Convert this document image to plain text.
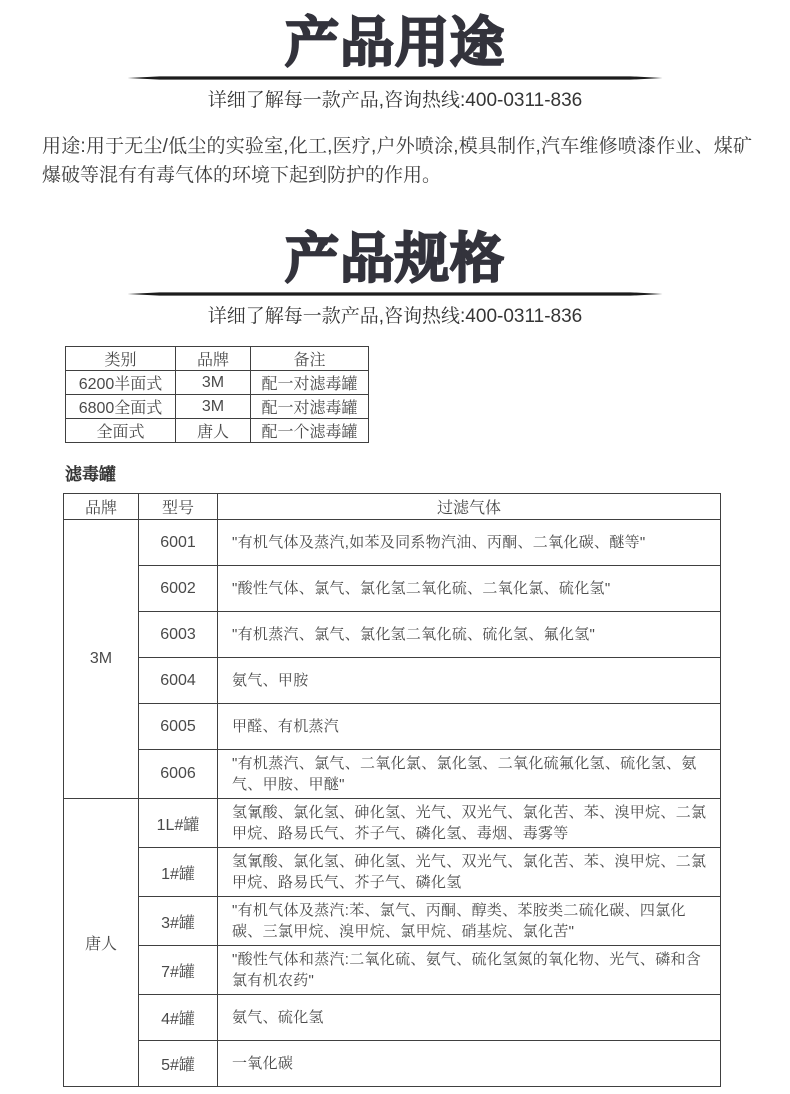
产品用途

详细了解每一款产品,咨询热线:400-0311-836

用途:用于无尘/低尘的实验室,化工,医疗,户外喷涂,模具制作,汽车维修喷漆作业、煤矿爆破等混有有毒气体的环境下起到防护的作用。

产品规格

详细了解每一款产品,咨询热线:400-0311-836

类别	品牌	备注
6200半面式	3M	配一对滤毒罐
6800全面式	3M	配一对滤毒罐
全面式	唐人	配一个滤毒罐
滤毒罐
品牌	型号	过滤气体
3M	6001	"有机气体及蒸汽,如苯及同系物汽油、丙酮、二氧化碳、醚等"
	6002	"酸性气体、氯气、氯化氢二氧化硫、二氧化氯、硫化氢"
	6003	"有机蒸汽、氯气、氯化氢二氧化硫、硫化氢、氟化氢"
	6004	氨气、甲胺
	6005	甲醛、有机蒸汽
	6006	"有机蒸汽、氯气、二氧化氯、氯化氢、二氧化硫氟化氢、硫化氢、氨气、甲胺、甲醚"
唐人	1L#罐	氢氰酸、氯化氢、砷化氢、光气、双光气、氯化苦、苯、溴甲烷、二氯甲烷、路易氏气、芥子气、磷化氢、毒烟、毒雾等
	1#罐	氢氰酸、氯化氢、砷化氢、光气、双光气、氯化苦、苯、溴甲烷、二氯甲烷、路易氏气、芥子气、磷化氢
	3#罐	"有机气体及蒸汽:苯、氯气、丙酮、醇类、苯胺类二硫化碳、四氯化碳、三氯甲烷、溴甲烷、氯甲烷、硝基烷、氯化苦"
	7#罐	"酸性气体和蒸汽:二氧化硫、氨气、硫化氢氮的氧化物、光气、磷和含氯有机农药"
	4#罐	氨气、硫化氢
	5#罐	一氧化碳
